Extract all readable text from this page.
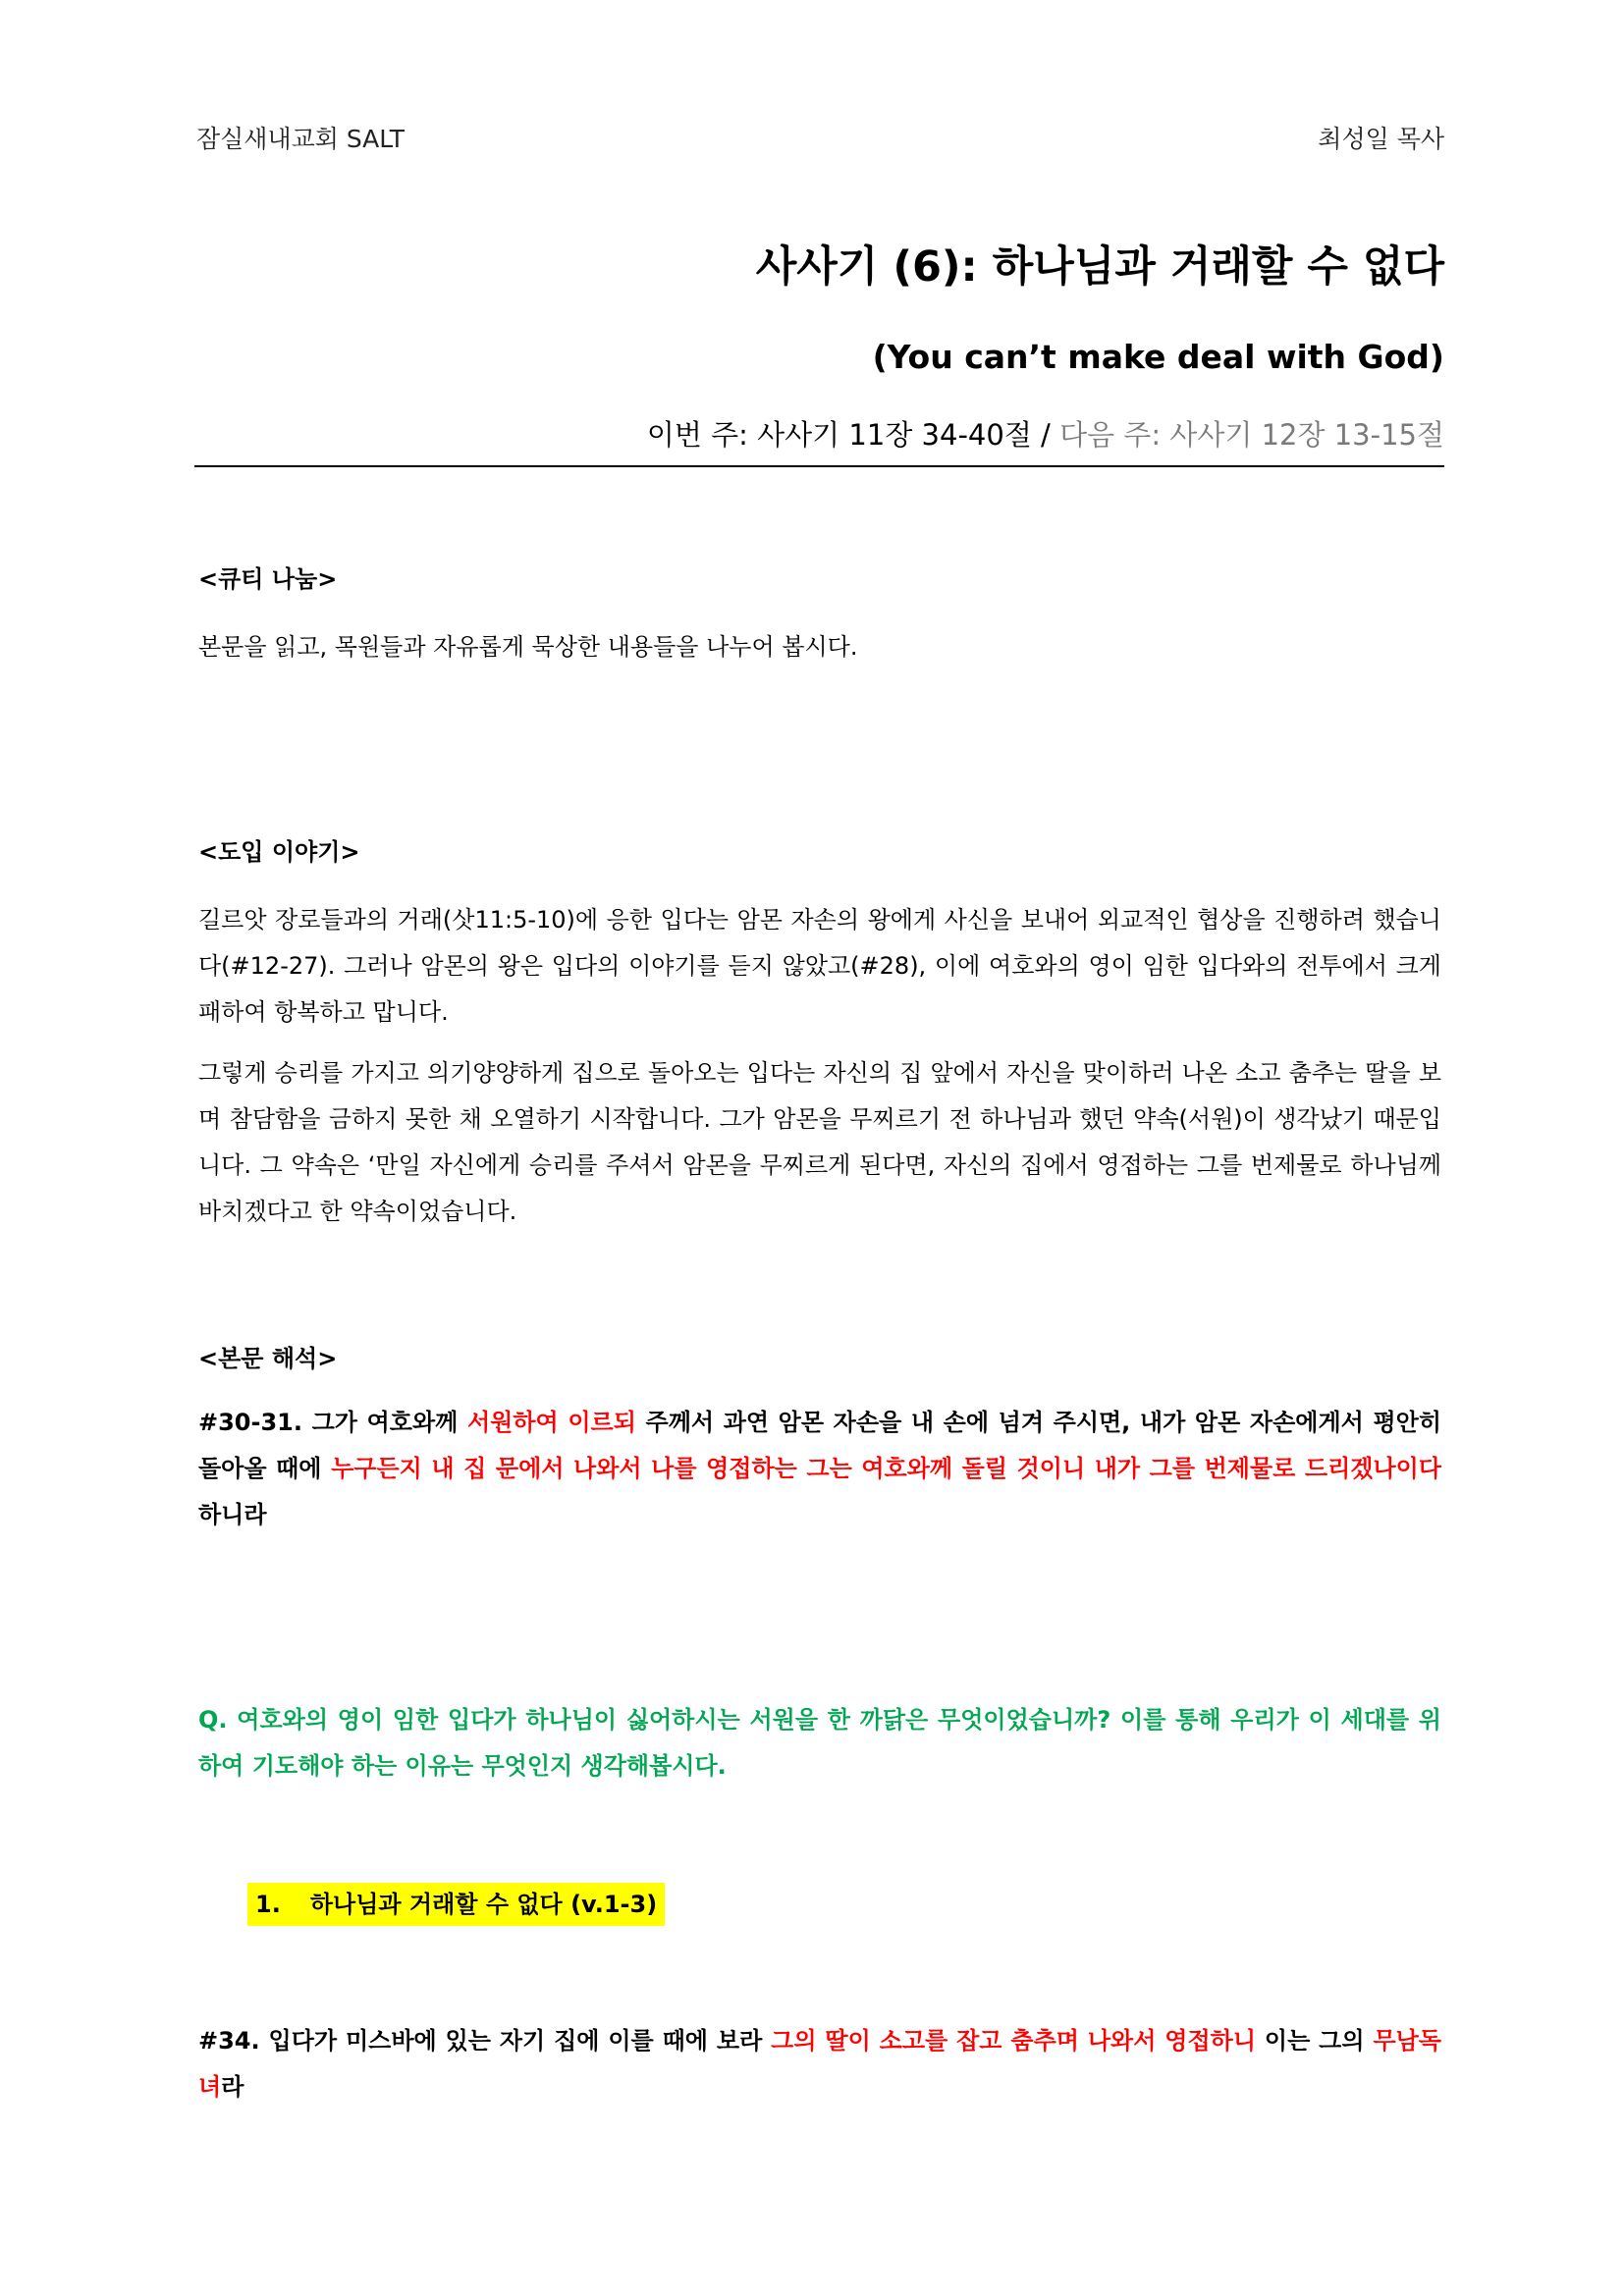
잠실새내교회 SALT	최성일 목사
사사기 (6): 하나님과 거래할 수 없다
(You can’t make deal with God)
이번 주: 사사기 11장 34-40절 / 다음 주: 사사기 12장 13-15절
<큐티 나눔>

본문을 읽고, 목원들과 자유롭게 묵상한 내용들을 나누어 봅시다.

<도입 이야기>

길르앗 장로들과의 거래(삿11:5-10)에 응한 입다는 암몬 자손의 왕에게 사신을 보내어 외교적인 협상을 진행하려 했습니다(#12-27). 그러나 암몬의 왕은 입다의 이야기를 듣지 않았고(#28), 이에 여호와의 영이 임한 입다와의 전투에서 크게 패하여 항복하고 맙니다.

그렇게 승리를 가지고 의기양양하게 집으로 돌아오는 입다는 자신의 집 앞에서 자신을 맞이하러 나온 소고 춤추는 딸을 보며 참담함을 금하지 못한 채 오열하기 시작합니다. 그가 암몬을 무찌르기 전 하나님과 했던 약속(서원)이 생각났기 때문입니다. 그 약속은 ‘만일 자신에게 승리를 주셔서 암몬을 무찌르게 된다면, 자신의 집에서 영접하는 그를 번제물로 하나님께 바치겠다고 한 약속이었습니다.

<본문 해석>

#30-31. 그가 여호와께 서원하여 이르되 주께서 과연 암몬 자손을 내 손에 넘겨 주시면, 내가 암몬 자손에게서 평안히 돌아올 때에 누구든지 내 집 문에서 나와서 나를 영접하는 그는 여호와께 돌릴 것이니 내가 그를 번제물로 드리겠나이다 하니라

Q. 여호와의 영이 임한 입다가 하나님이 싫어하시는 서원을 한 까닭은 무엇이었습니까? 이를 통해 우리가 이 세대를 위하여 기도해야 하는 이유는 무엇인지 생각해봅시다.

1. 하나님과 거래할 수 없다 (v.1-3)

#34. 입다가 미스바에 있는 자기 집에 이를 때에 보라 그의 딸이 소고를 잡고 춤추며 나와서 영접하니 이는 그의 무남독녀라
